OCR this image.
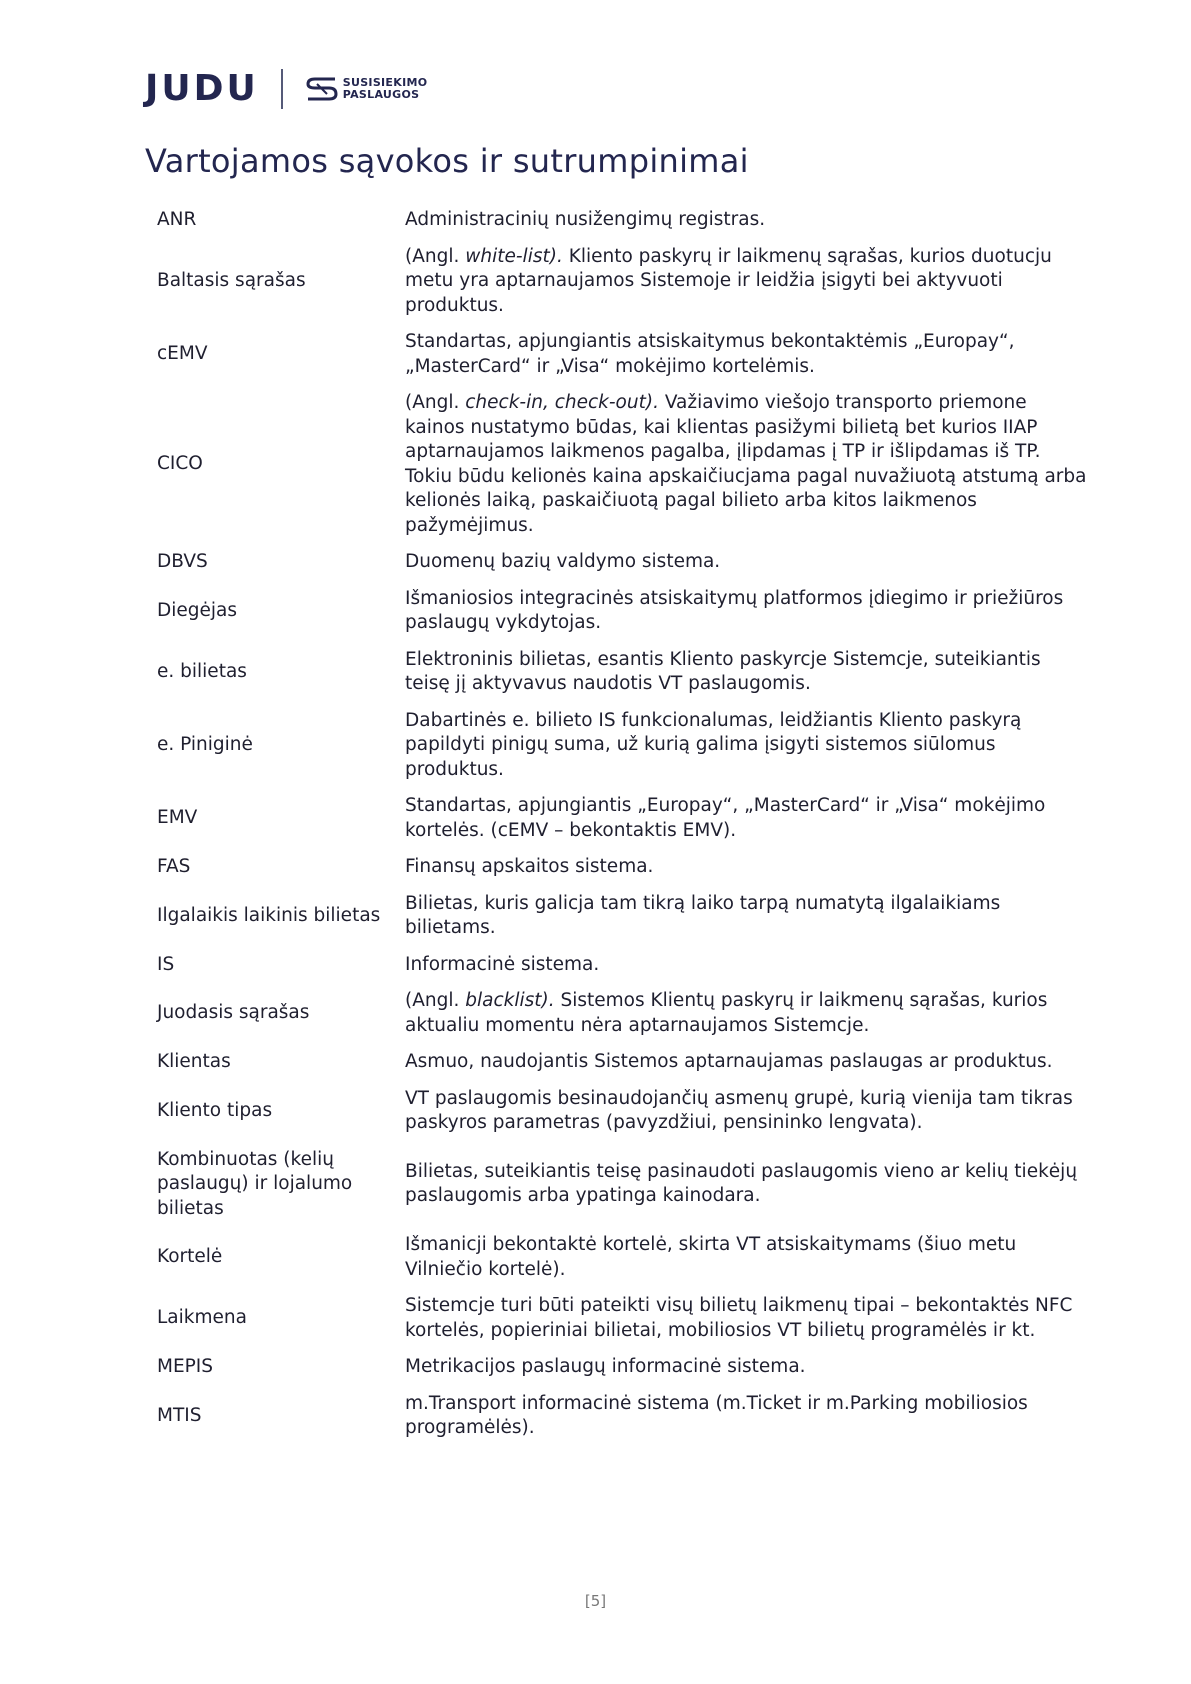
JUDU	SUSISIEKIMO
PASLAUGOS
Vartojamos sąvokos ir sutrumpinimai
ANR	Administracinių nusižengimų registras.
Baltasis sąrašas	(Angl. white-list). Kliento paskyrų ir laikmenų sąrašas, kurios duotucju metu yra aptarnaujamos Sistemoje ir leidžia įsigyti bei aktyvuoti produktus.
cEMV	Standartas, apjungiantis atsiskaitymus bekontaktėmis „Europay“, „MasterCard“ ir „Visa“ mokėjimo kortelėmis.
CICO	(Angl. check-in, check-out). Važiavimo viešojo transporto priemone kainos nustatymo būdas, kai klientas pasižymi bilietą bet kurios IIAP aptarnaujamos laikmenos pagalba, įlipdamas į TP ir išlipdamas iš TP. Tokiu būdu kelionės kaina apskaičiucjama pagal nuvažiuotą atstumą arba kelionės laiką, paskaičiuotą pagal bilieto arba kitos laikmenos pažymėjimus.
DBVS	Duomenų bazių valdymo sistema.
Diegėjas	Išmaniosios integracinės atsiskaitymų platformos įdiegimo ir priežiūros paslaugų vykdytojas.
e. bilietas	Elektroninis bilietas, esantis Kliento paskyrcje Sistemcje, suteikiantis teisę jį aktyvavus naudotis VT paslaugomis.
e. Piniginė	Dabartinės e. bilieto IS funkcionalumas, leidžiantis Kliento paskyrą papildyti pinigų suma, už kurią galima įsigyti sistemos siūlomus produktus.
EMV	Standartas, apjungiantis „Europay“, „MasterCard“ ir „Visa“ mokėjimo kortelės. (cEMV – bekontaktis EMV).
FAS	Finansų apskaitos sistema.
Ilgalaikis laikinis bilietas	Bilietas, kuris galicja tam tikrą laiko tarpą numatytą ilgalaikiams bilietams.
IS	Informacinė sistema.
Juodasis sąrašas	(Angl. blacklist). Sistemos Klientų paskyrų ir laikmenų sąrašas, kurios aktualiu momentu nėra aptarnaujamos Sistemcje.
Klientas	Asmuo, naudojantis Sistemos aptarnaujamas paslaugas ar produktus.
Kliento tipas	VT paslaugomis besinaudojančių asmenų grupė, kurią vienija tam tikras paskyros parametras (pavyzdžiui, pensininko lengvata).
Kombinuotas (kelių paslaugų) ir lojalumo bilietas	Bilietas, suteikiantis teisę pasinaudoti paslaugomis vieno ar kelių tiekėjų paslaugomis arba ypatinga kainodara.
Kortelė	Išmanicji bekontaktė kortelė, skirta VT atsiskaitymams (šiuo metu Vilniečio kortelė).
Laikmena	Sistemcje turi būti pateikti visų bilietų laikmenų tipai – bekontaktės NFC kortelės, popieriniai bilietai, mobiliosios VT bilietų programėlės ir kt.
MEPIS	Metrikacijos paslaugų informacinė sistema.
MTIS	m.Transport informacinė sistema (m.Ticket ir m.Parking mobiliosios programėlės).
[5]
